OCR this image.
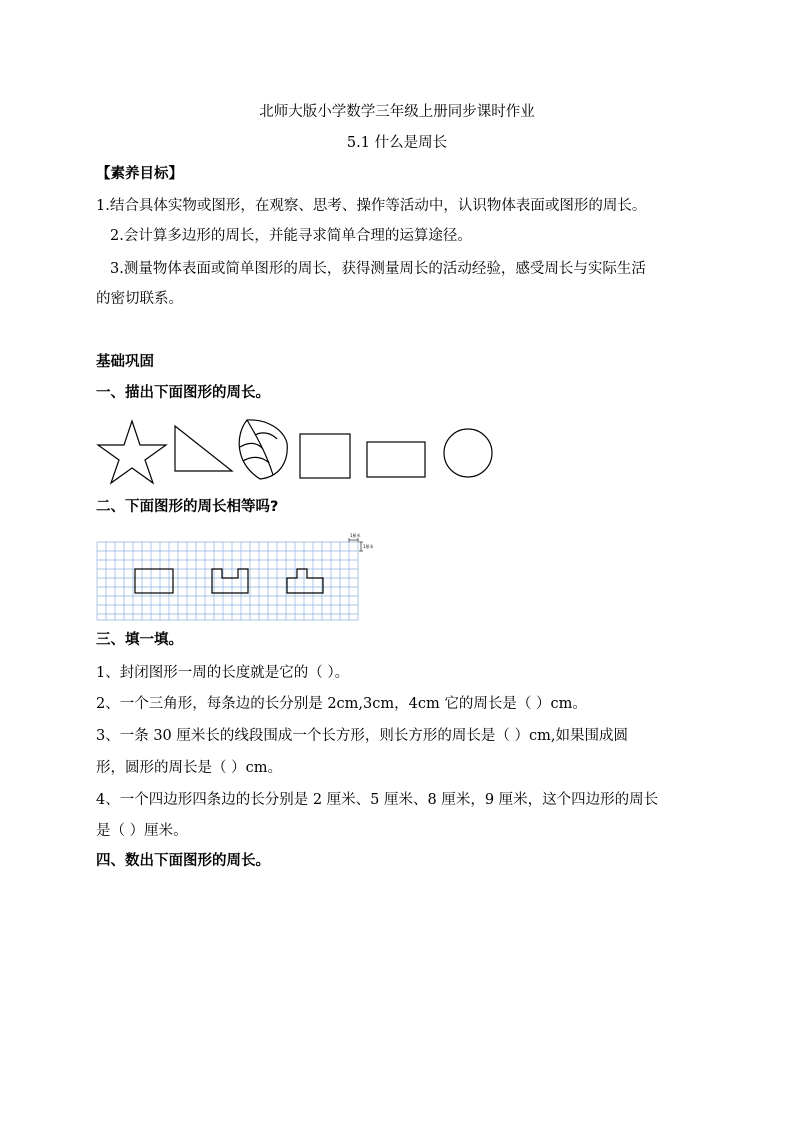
北师大版小学数学三年级上册同步课时作业
5.1 什么是周长
【素养目标】
1.结合具体实物或图形，在观察、思考、操作等活动中，认识物体表面或图形的周长。
2.会计算多边形的周长，并能寻求简单合理的运算途径。
3.测量物体表面或简单图形的周长，获得测量周长的活动经验，感受周长与实际生活
的密切联系。
基础巩固
一、描出下面图形的周长。
二、下面图形的周长相等吗?
1厘米
1厘米
三、填一填。
1、封闭图形一周的长度就是它的（ ）。
2、一个三角形，每条边的长分别是 2cm,3cm，4cm 它的周长是（ ）cm。
3、一条 30 厘米长的线段围成一个长方形，则长方形的周长是（ ）cm,如果围成圆
形，圆形的周长是（ ）cm。
4、一个四边形四条边的长分别是 2 厘米、5 厘米、8 厘米，9 厘米，这个四边形的周长
是（ ）厘米。
四、数出下面图形的周长。
